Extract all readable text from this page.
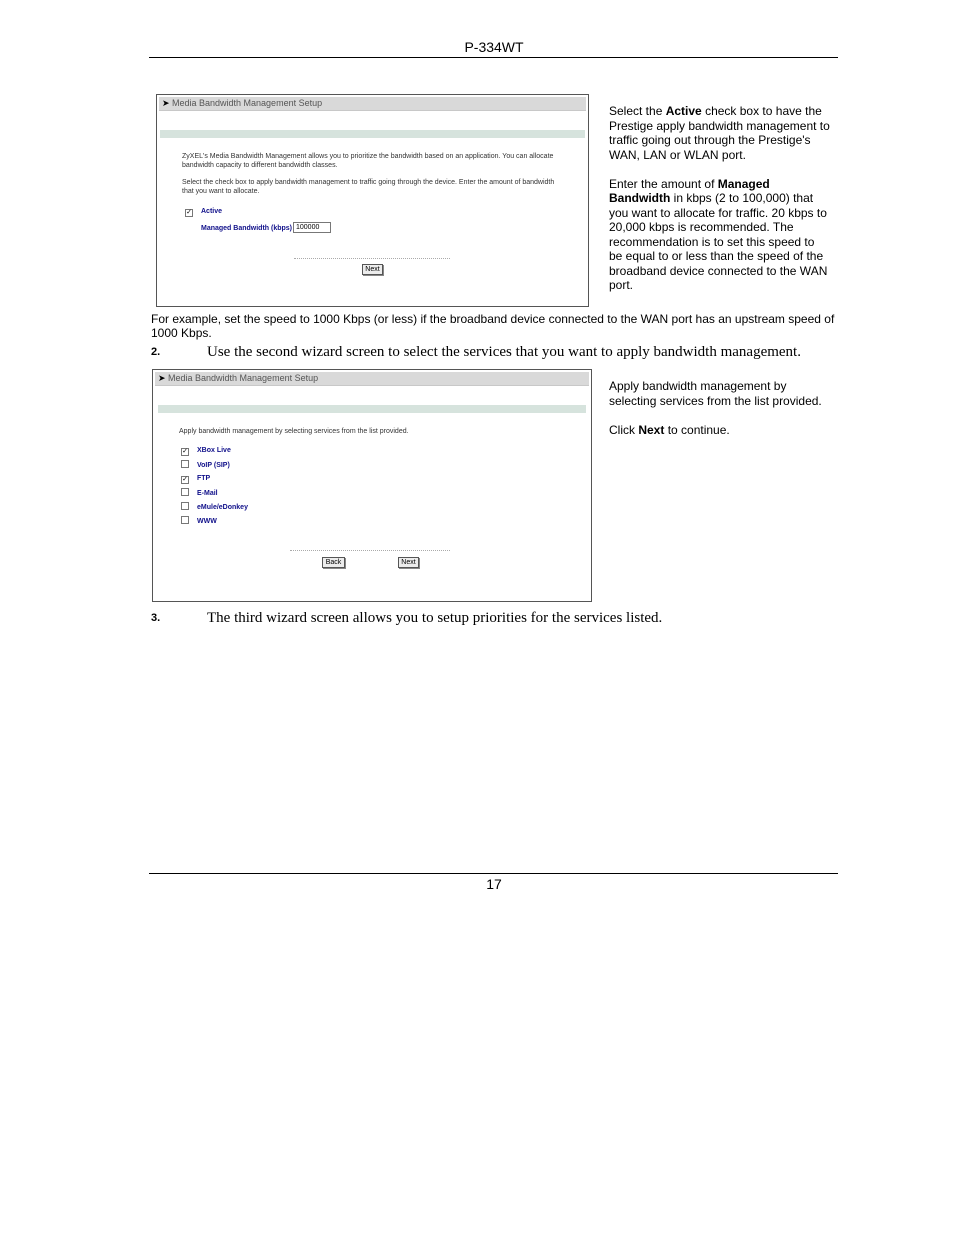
P-334WT
➤ Media Bandwidth Management Setup
ZyXEL's Media Bandwidth Management allows you to prioritize the bandwidth based on an application. You can allocate bandwidth capacity to different bandwidth classes.
Select the check box to apply bandwidth management to traffic going through the device. Enter the amount of bandwidth that you want to allocate.
✓ Active
Managed Bandwidth (kbps) 100000
Next

Select the Active check box to have the Prestige apply bandwidth management to traffic going out through the Prestige's WAN, LAN or WLAN port.

Enter the amount of Managed Bandwidth in kbps (2 to 100,000) that you want to allocate for traffic. 20 kbps to 20,000 kbps is recommended. The recommendation is to set this speed to be equal to or less than the speed of the broadband device connected to the WAN port.

For example, set the speed to 1000 Kbps (or less) if the broadband device connected to the WAN port has an upstream speed of 1000 Kbps.
2.	Use the second wizard screen to select the services that you want to apply bandwidth management.
➤ Media Bandwidth Management Setup
Apply bandwidth management by selecting services from the list provided.
✓ XBox Live
VoIP (SIP)
✓ FTP
E-Mail
eMule/eDonkey
WWW
Back	Next

Apply bandwidth management by selecting services from the list provided.

Click Next to continue.

3.	The third wizard screen allows you to setup priorities for the services listed.
17
